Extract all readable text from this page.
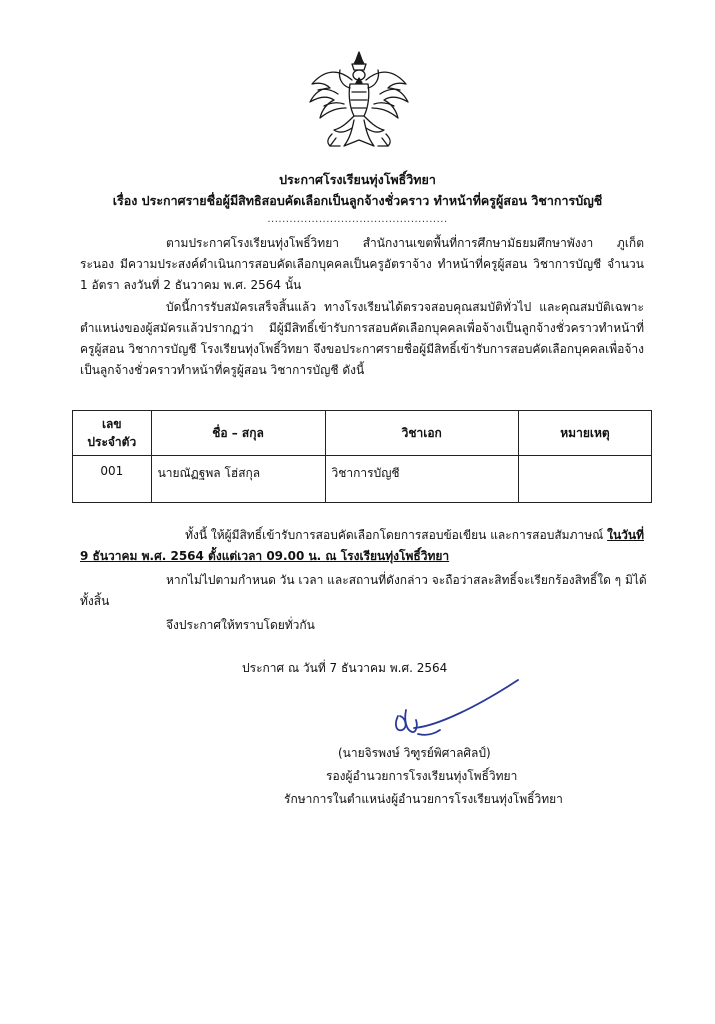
ประกาศโรงเรียนทุ่งโพธิ์วิทยา
เรื่อง ประกาศรายชื่อผู้มีสิทธิสอบคัดเลือกเป็นลูกจ้างชั่วคราว ทำหน้าที่ครูผู้สอน วิชาการบัญชี
.................................................
ตามประกาศโรงเรียนทุ่งโพธิ์วิทยา สำนักงานเขตพื้นที่การศึกษามัธยมศึกษาพังงา ภูเก็ต
ระนอง มีความประสงค์ดำเนินการสอบคัดเลือกบุคคลเป็นครูอัตราจ้าง ทำหน้าที่ครูผู้สอน วิชาการบัญชี จำนวน
1 อัตรา ลงวันที่ 2 ธันวาคม พ.ศ. 2564 นั้น
บัดนี้การรับสมัครเสร็จสิ้นแล้ว ทางโรงเรียนได้ตรวจสอบคุณสมบัติทั่วไป และคุณสมบัติเฉพาะ
ตำแหน่งของผู้สมัครแล้วปรากฏว่า มีผู้มีสิทธิ์เข้ารับการสอบคัดเลือกบุคคลเพื่อจ้างเป็นลูกจ้างชั่วคราวทำหน้าที่
ครูผู้สอน วิชาการบัญชี โรงเรียนทุ่งโพธิ์วิทยา จึงขอประกาศรายชื่อผู้มีสิทธิ์เข้ารับการสอบคัดเลือกบุคคลเพื่อจ้าง
เป็นลูกจ้างชั่วคราวทำหน้าที่ครูผู้สอน วิชาการบัญชี ดังนี้
เลข
ประจำตัว	ชื่อ – สกุล	วิชาเอก	หมายเหตุ
001	นายณัฏฐพล โฮ่สกุล	วิชาการบัญชี	
ทั้งนี้ ให้ผู้มีสิทธิ์เข้ารับการสอบคัดเลือกโดยการสอบข้อเขียน และการสอบสัมภาษณ์ ในวันที่
9 ธันวาคม พ.ศ. 2564 ตั้งแต่เวลา 09.00 น. ณ โรงเรียนทุ่งโพธิ์วิทยา
หากไม่ไปตามกำหนด วัน เวลา และสถานที่ดังกล่าว จะถือว่าสละสิทธิ์จะเรียกร้องสิทธิ์ใด ๆ มิได้
ทั้งสิ้น
จึงประกาศให้ทราบโดยทั่วกัน
ประกาศ ณ วันที่ 7 ธันวาคม พ.ศ. 2564
(นายจิรพงษ์ วิฑูรย์พิศาลศิลป์)
รองผู้อำนวยการโรงเรียนทุ่งโพธิ์วิทยา
รักษาการในตำแหน่งผู้อำนวยการโรงเรียนทุ่งโพธิ์วิทยา
